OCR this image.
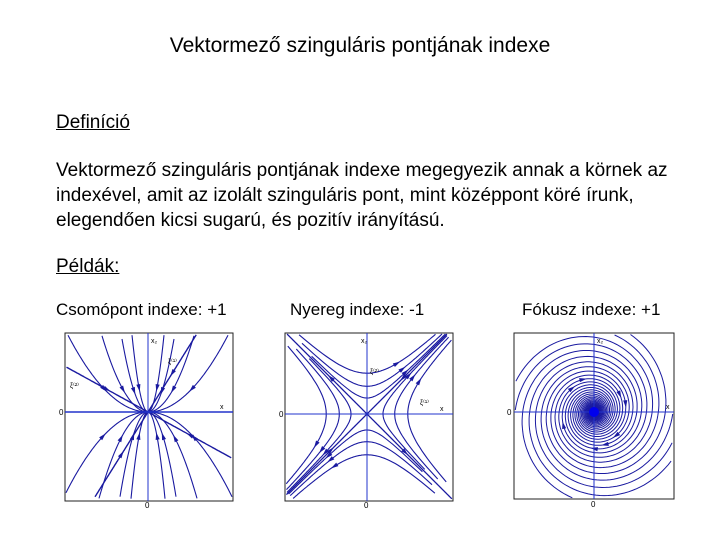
Vektormező szinguláris pontjának indexe
Definíció
Vektormező szinguláris pontjának indexe megegyezik annak a körnek az indexével, amit az izolált szinguláris pont, mint középpont köré írunk, elegendően kicsi sugarú, és pozitív irányítású.
Példák:
Csomópont indexe: +1	Nyereg indexe: -1	Fókusz indexe: +1
0
0
x
x₂
ξ⁽¹⁾
ξ⁽²⁾
0
0
x
x₂
ξ⁽²⁾
ξ⁽¹⁾
0
0
x
x₂
